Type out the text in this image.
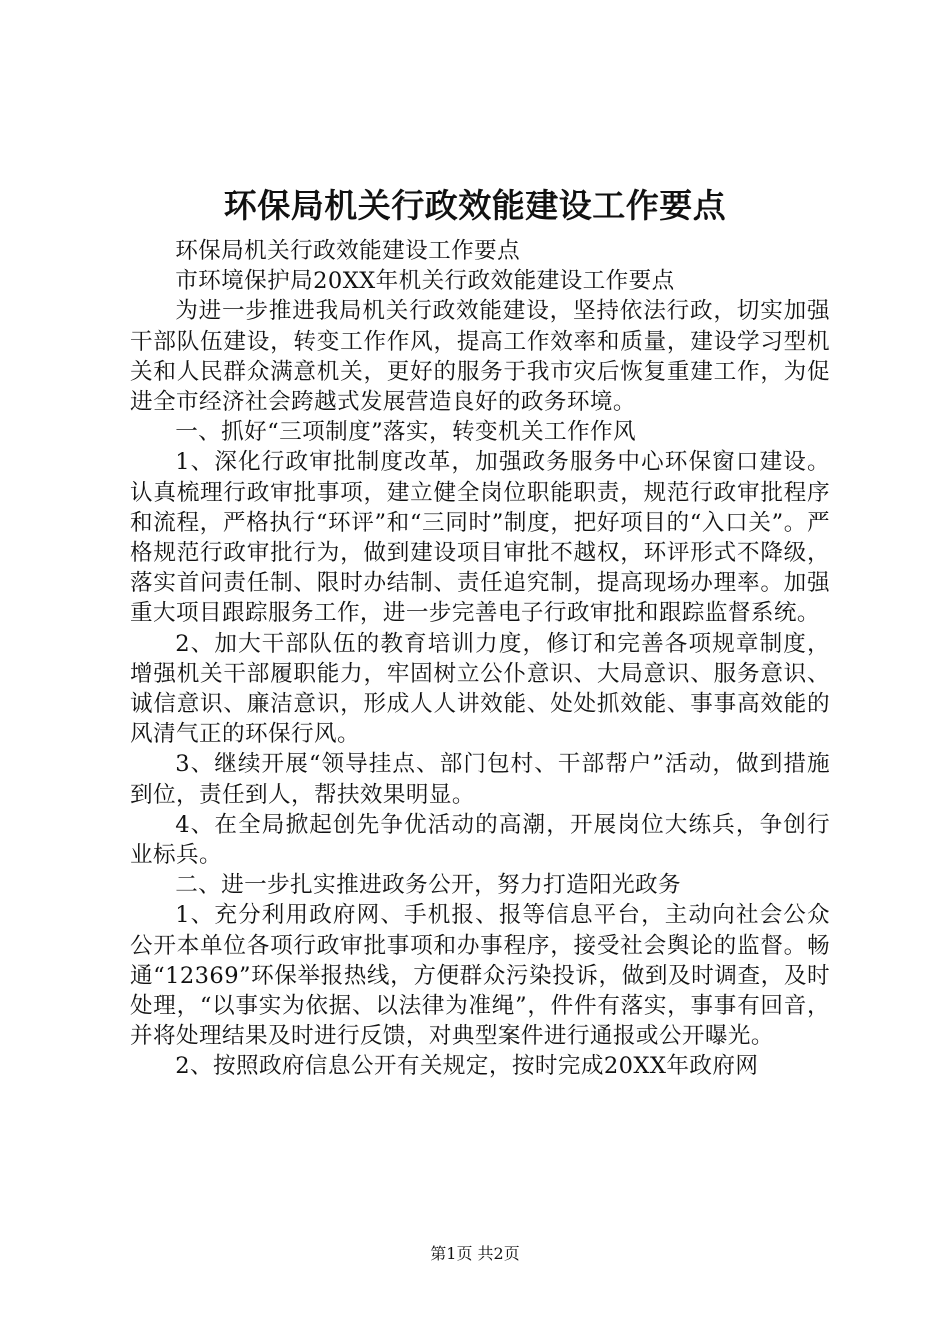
环保局机关行政效能建设工作要点

环保局机关行政效能建设工作要点

市环境保护局20XX年机关行政效能建设工作要点

为进一步推进我局机关行政效能建设，坚持依法行政，切实加强干部队伍建设，转变工作作风，提高工作效率和质量，建设学习型机关和人民群众满意机关，更好的服务于我市灾后恢复重建工作，为促进全市经济社会跨越式发展营造良好的政务环境。

一、抓好“三项制度”落实，转变机关工作作风

1、深化行政审批制度改革，加强政务服务中心环保窗口建设。认真梳理行政审批事项，建立健全岗位职能职责，规范行政审批程序和流程，严格执行“环评”和“三同时”制度，把好项目的“入口关”。严格规范行政审批行为，做到建设项目审批不越权，环评形式不降级，落实首问责任制、限时办结制、责任追究制，提高现场办理率。加强重大项目跟踪服务工作，进一步完善电子行政审批和跟踪监督系统。

2、加大干部队伍的教育培训力度，修订和完善各项规章制度，增强机关干部履职能力，牢固树立公仆意识、大局意识、服务意识、诚信意识、廉洁意识，形成人人讲效能、处处抓效能、事事高效能的风清气正的环保行风。

3、继续开展“领导挂点、部门包村、干部帮户”活动，做到措施到位，责任到人，帮扶效果明显。

4、在全局掀起创先争优活动的高潮，开展岗位大练兵，争创行业标兵。

二、进一步扎实推进政务公开，努力打造阳光政务

1、充分利用政府网、手机报、报等信息平台，主动向社会公众公开本单位各项行政审批事项和办事程序，接受社会舆论的监督。畅通“12369”环保举报热线，方便群众污染投诉，做到及时调查，及时处理，“以事实为依据、以法律为准绳”，件件有落实，事事有回音，并将处理结果及时进行反馈，对典型案件进行通报或公开曝光。

2、按照政府信息公开有关规定，按时完成20XX年政府网

第1页 共2页
